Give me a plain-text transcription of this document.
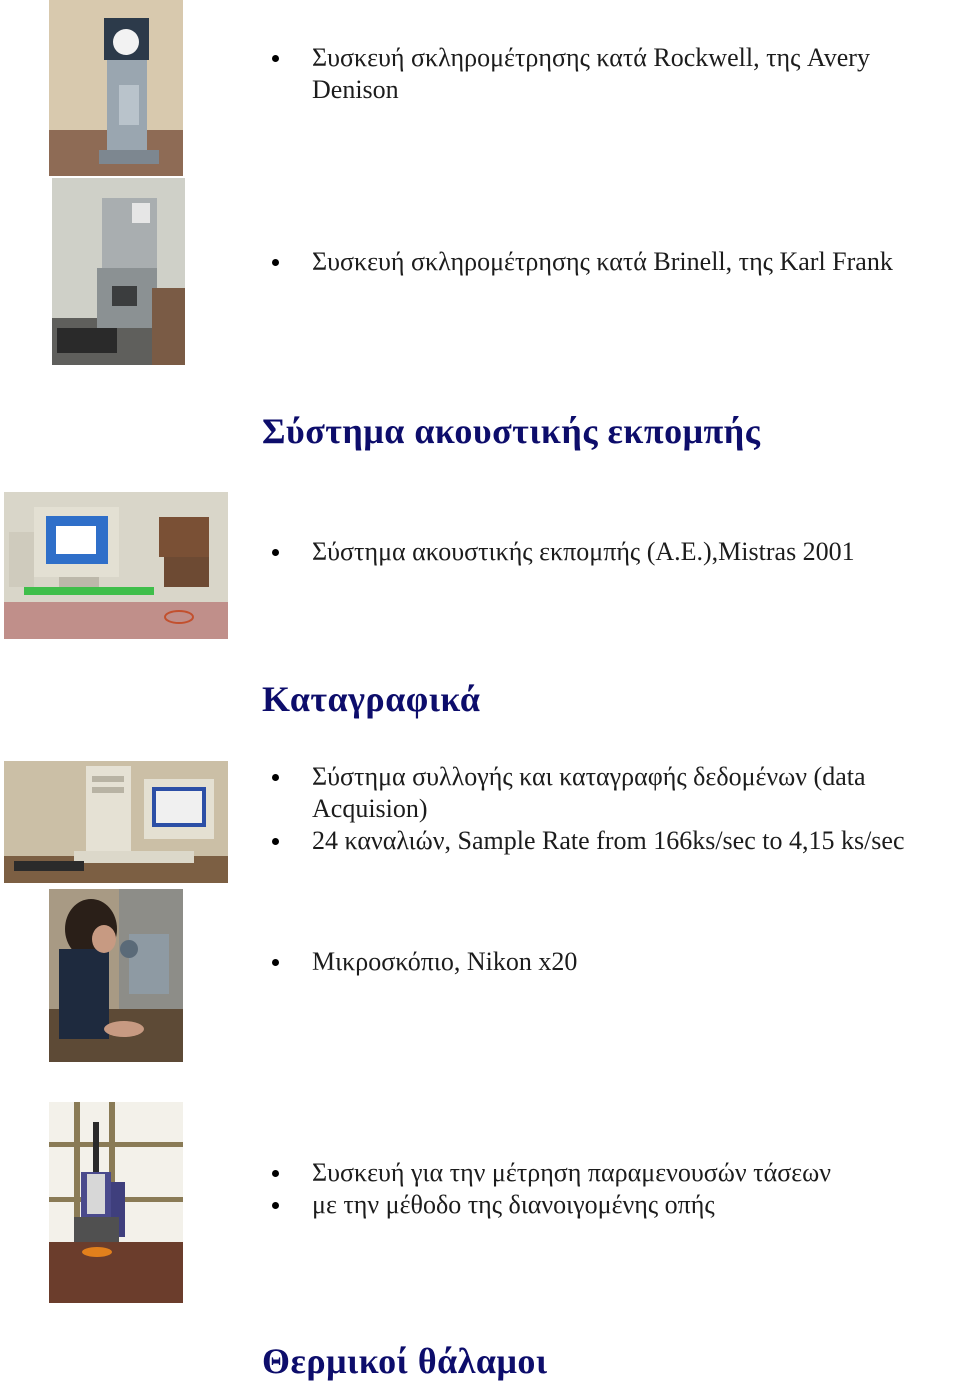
Συσκευή σκληρομέτρησης κατά Rockwell, της Avery Denison
Συσκευή σκληρομέτρησης κατά Brinell, της Karl Frank
Σύστημα ακουστικής εκπομπής
Σύστημα ακουστικής εκπομπής (A.E.),Mistras 2001
Καταγραφικά
Σύστημα συλλογής και καταγραφής δεδομένων (data Acquision)
24 καναλιών, Sample Rate from 166ks/sec to 4,15 ks/sec
Μικροσκόπιο, Nikon x20
Συσκευή για την μέτρηση παραμενουσών τάσεων
με την μέθοδο της διανοιγομένης οπής
Θερμικοί θάλαμοι
